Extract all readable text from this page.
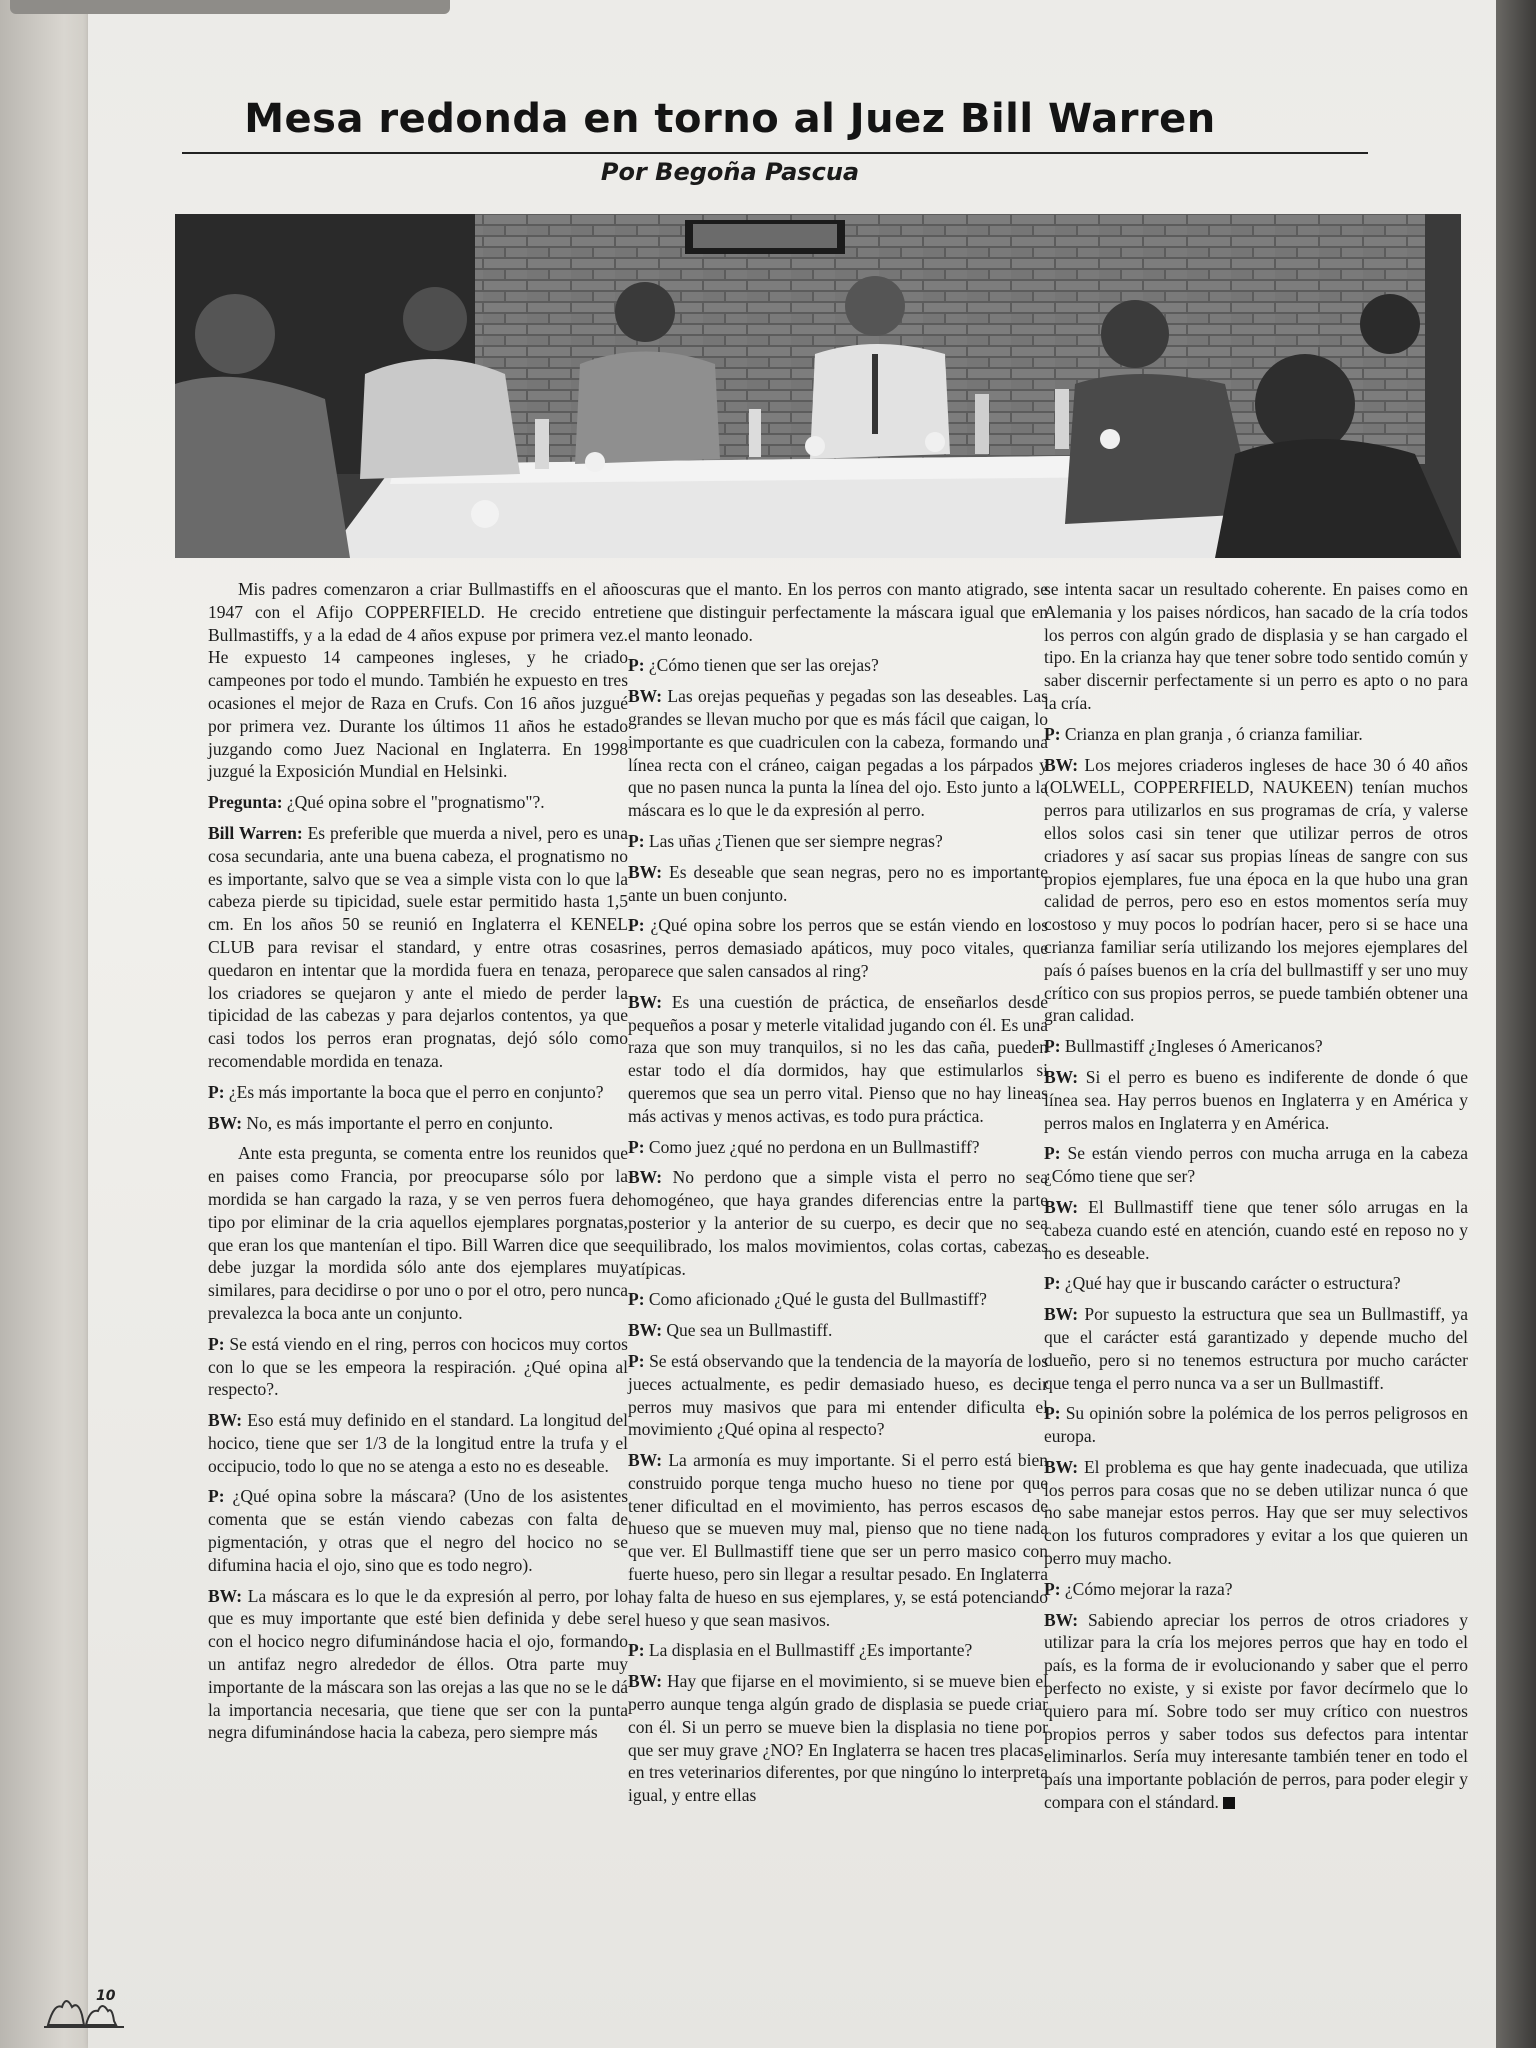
Mesa redonda en torno al Juez Bill Warren
Por Begoña Pascua

Mis padres comenzaron a criar Bullmastiffs en el año 1947 con el Afijo COPPERFIELD. He crecido entre Bullmastiffs, y a la edad de 4 años expuse por primera vez. He expuesto 14 campeones ingleses, y he criado campeones por todo el mundo. También he expuesto en tres ocasiones el mejor de Raza en Crufs. Con 16 años juzgué por primera vez. Durante los últimos 11 años he estado juzgando como Juez Nacional en Inglaterra. En 1998 juzgué la Exposición Mundial en Helsinki.

Pregunta: ¿Qué opina sobre el "prognatismo"?.

Bill Warren: Es preferible que muerda a nivel, pero es una cosa secundaria, ante una buena cabeza, el prognatismo no es importante, salvo que se vea a simple vista con lo que la cabeza pierde su tipicidad, suele estar permitido hasta 1,5 cm. En los años 50 se reunió en Inglaterra el KENEL CLUB para revisar el standard, y entre otras cosas quedaron en intentar que la mordida fuera en tenaza, pero los criadores se quejaron y ante el miedo de perder la tipicidad de las cabezas y para dejarlos contentos, ya que casi todos los perros eran prognatas, dejó sólo como recomendable mordida en tenaza.

P: ¿Es más importante la boca que el perro en conjunto?

BW: No, es más importante el perro en conjunto.

Ante esta pregunta, se comenta entre los reunidos que en paises como Francia, por preocuparse sólo por la mordida se han cargado la raza, y se ven perros fuera de tipo por eliminar de la cria aquellos ejemplares porgnatas, que eran los que mantenían el tipo. Bill Warren dice que se debe juzgar la mordida sólo ante dos ejemplares muy similares, para decidirse o por uno o por el otro, pero nunca prevalezca la boca ante un conjunto.

P: Se está viendo en el ring, perros con hocicos muy cortos con lo que se les empeora la respiración. ¿Qué opina al respecto?.

BW: Eso está muy definido en el standard. La longitud del hocico, tiene que ser 1/3 de la longitud entre la trufa y el occipucio, todo lo que no se atenga a esto no es deseable.

P: ¿Qué opina sobre la máscara? (Uno de los asistentes comenta que se están viendo cabezas con falta de pigmentación, y otras que el negro del hocico no se difumina hacia el ojo, sino que es todo negro).

BW: La máscara es lo que le da expresión al perro, por lo que es muy importante que esté bien definida y debe ser con el hocico negro difuminándose hacia el ojo, formando un antifaz negro alrededor de éllos. Otra parte muy importante de la máscara son las orejas a las que no se le dá la importancia necesaria, que tiene que ser con la punta negra difuminándose hacia la cabeza, pero siempre más

oscuras que el manto. En los perros con manto atigrado, se tiene que distinguir perfectamente la máscara igual que en el manto leonado.

P: ¿Cómo tienen que ser las orejas?

BW: Las orejas pequeñas y pegadas son las deseables. Las grandes se llevan mucho por que es más fácil que caigan, lo importante es que cuadriculen con la cabeza, formando una línea recta con el cráneo, caigan pegadas a los párpados y que no pasen nunca la punta la línea del ojo. Esto junto a la máscara es lo que le da expresión al perro.

P: Las uñas ¿Tienen que ser siempre negras?

BW: Es deseable que sean negras, pero no es importante ante un buen conjunto.

P: ¿Qué opina sobre los perros que se están viendo en los rines, perros demasiado apáticos, muy poco vitales, que parece que salen cansados al ring?

BW: Es una cuestión de práctica, de enseñarlos desde pequeños a posar y meterle vitalidad jugando con él. Es una raza que son muy tranquilos, si no les das caña, pueden estar todo el día dormidos, hay que estimularlos si queremos que sea un perro vital. Pienso que no hay lineas más activas y menos activas, es todo pura práctica.

P: Como juez ¿qué no perdona en un Bullmastiff?

BW: No perdono que a simple vista el perro no sea homogéneo, que haya grandes diferencias entre la parte posterior y la anterior de su cuerpo, es decir que no sea equilibrado, los malos movimientos, colas cortas, cabezas atípicas.

P: Como aficionado ¿Qué le gusta del Bullmastiff?

BW: Que sea un Bullmastiff.

P: Se está observando que la tendencia de la mayoría de los jueces actualmente, es pedir demasiado hueso, es decir perros muy masivos que para mi entender dificulta el movimiento ¿Qué opina al respecto?

BW: La armonía es muy importante. Si el perro está bien construido porque tenga mucho hueso no tiene por que tener dificultad en el movimiento, has perros escasos de hueso que se mueven muy mal, pienso que no tiene nada que ver. El Bullmastiff tiene que ser un perro masico con fuerte hueso, pero sin llegar a resultar pesado. En Inglaterra hay falta de hueso en sus ejemplares, y, se está potenciando el hueso y que sean masivos.

P: La displasia en el Bullmastiff ¿Es importante?

BW: Hay que fijarse en el movimiento, si se mueve bien el perro aunque tenga algún grado de displasia se puede criar con él. Si un perro se mueve bien la displasia no tiene por que ser muy grave ¿NO? En Inglaterra se hacen tres placas, en tres veterinarios diferentes, por que ningúno lo interpreta igual, y entre ellas

se intenta sacar un resultado coherente. En paises como en Alemania y los paises nórdicos, han sacado de la cría todos los perros con algún grado de displasia y se han cargado el tipo. En la crianza hay que tener sobre todo sentido común y saber discernir perfectamente si un perro es apto o no para la cría.

P: Crianza en plan granja , ó crianza familiar.

BW: Los mejores criaderos ingleses de hace 30 ó 40 años (OLWELL, COPPERFIELD, NAUKEEN) tenían muchos perros para utilizarlos en sus programas de cría, y valerse ellos solos casi sin tener que utilizar perros de otros criadores y así sacar sus propias líneas de sangre con sus propios ejemplares, fue una época en la que hubo una gran calidad de perros, pero eso en estos momentos sería muy costoso y muy pocos lo podrían hacer, pero si se hace una crianza familiar sería utilizando los mejores ejemplares del país ó países buenos en la cría del bullmastiff y ser uno muy crítico con sus propios perros, se puede también obtener una gran calidad.

P: Bullmastiff ¿Ingleses ó Americanos?

BW: Si el perro es bueno es indiferente de donde ó que línea sea. Hay perros buenos en Inglaterra y en América y perros malos en Inglaterra y en América.

P: Se están viendo perros con mucha arruga en la cabeza ¿Cómo tiene que ser?

BW: El Bullmastiff tiene que tener sólo arrugas en la cabeza cuando esté en atención, cuando esté en reposo no y no es deseable.

P: ¿Qué hay que ir buscando carácter o estructura?

BW: Por supuesto la estructura que sea un Bullmastiff, ya que el carácter está garantizado y depende mucho del dueño, pero si no tenemos estructura por mucho carácter que tenga el perro nunca va a ser un Bullmastiff.

P: Su opinión sobre la polémica de los perros peligrosos en europa.

BW: El problema es que hay gente inadecuada, que utiliza los perros para cosas que no se deben utilizar nunca ó que no sabe manejar estos perros. Hay que ser muy selectivos con los futuros compradores y evitar a los que quieren un perro muy macho.

P: ¿Cómo mejorar la raza?

BW: Sabiendo apreciar los perros de otros criadores y utilizar para la cría los mejores perros que hay en todo el país, es la forma de ir evolucionando y saber que el perro perfecto no existe, y si existe por favor decírmelo que lo quiero para mí. Sobre todo ser muy crítico con nuestros propios perros y saber todos sus defectos para intentar eliminarlos. Sería muy interesante también tener en todo el país una importante población de perros, para poder elegir y compara con el stándard.

10
